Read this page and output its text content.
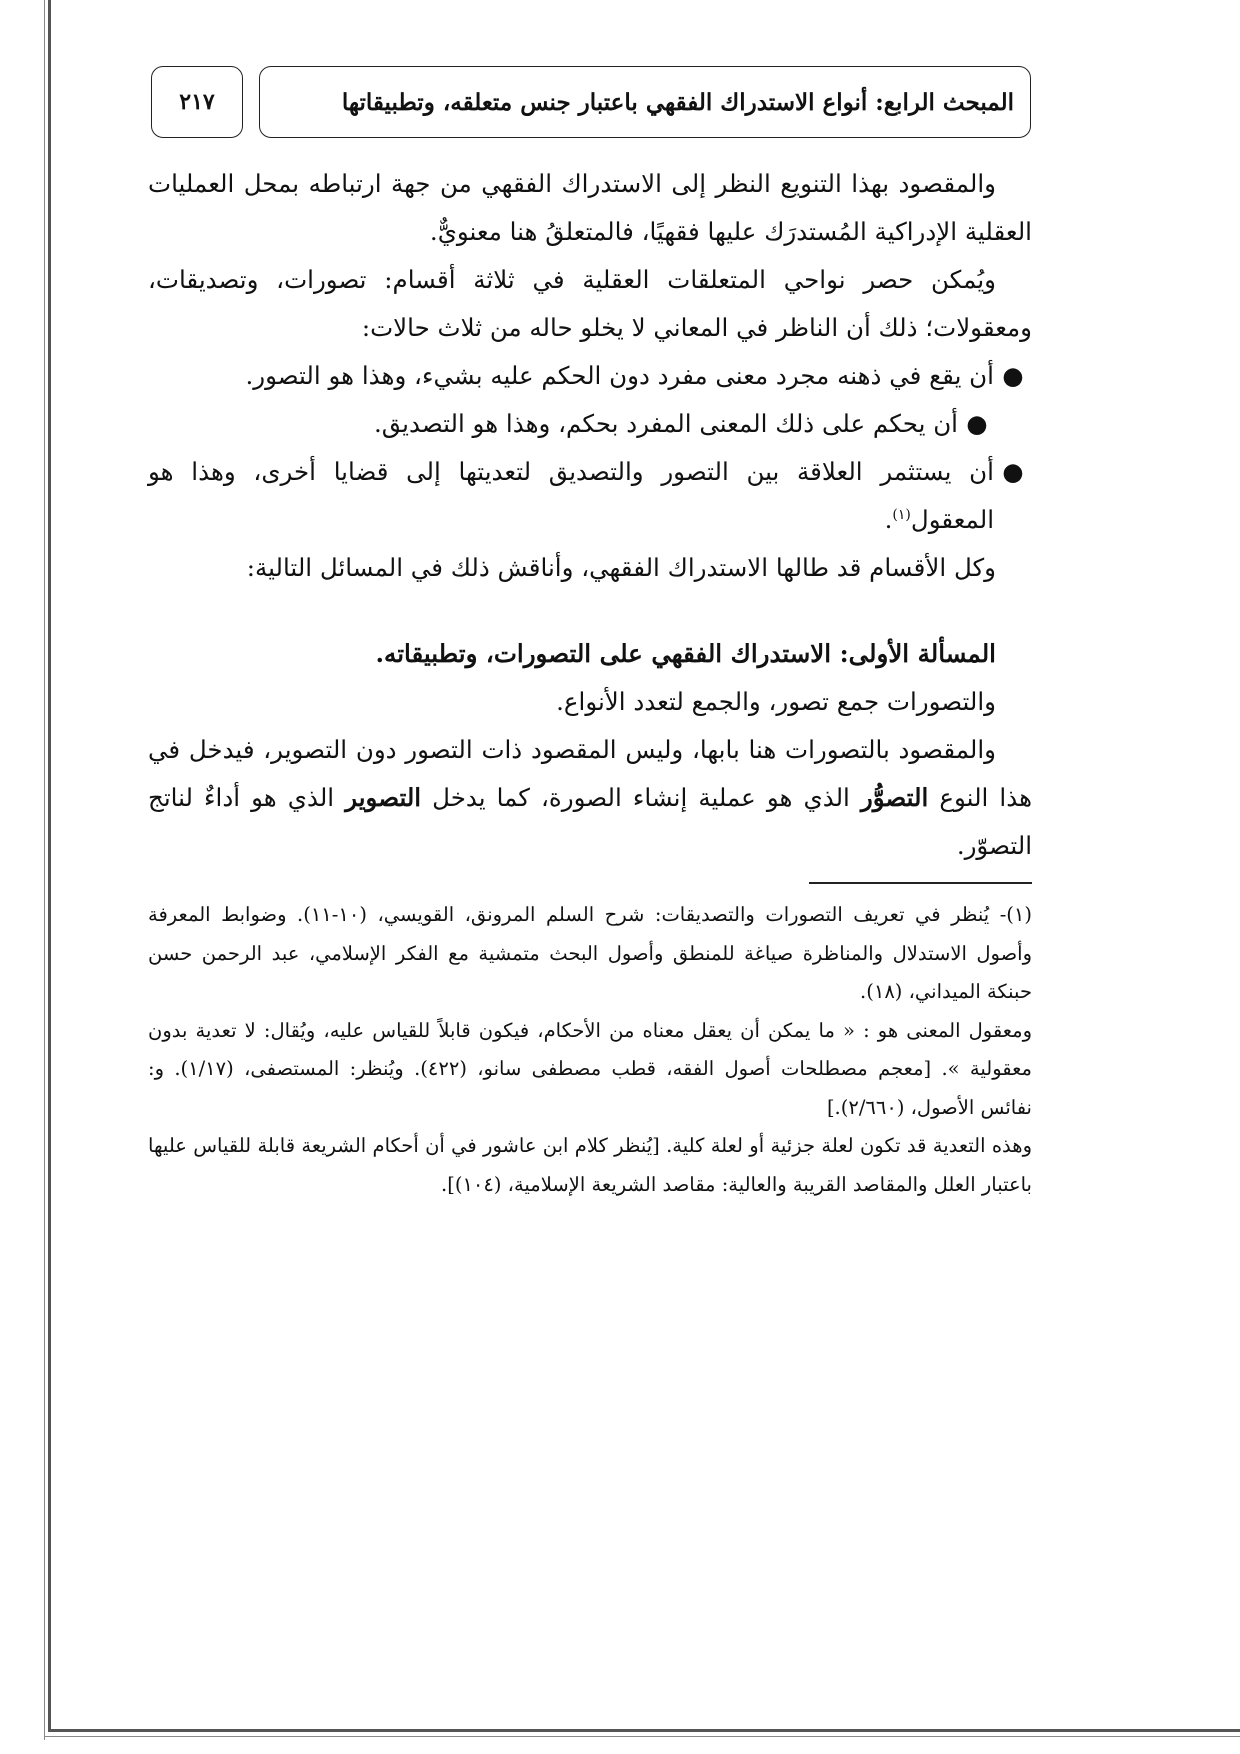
المبحث الرابع: أنواع الاستدراك الفقهي باعتبار جنس متعلقه، وتطبيقاتها
٢١٧

والمقصود بهذا التنويع النظر إلى الاستدراك الفقهي من جهة ارتباطه بمحل العمليات العقلية الإدراكية المُستدرَك عليها فقهيًا، فالمتعلقُ هنا معنويٌّ.

ويُمكن حصر نواحي المتعلقات العقلية في ثلاثة أقسام: تصورات، وتصديقات، ومعقولات؛ ذلك أن الناظر في المعاني لا يخلو حاله من ثلاث حالات:

●
أن يقع في ذهنه مجرد معنى مفرد دون الحكم عليه بشيء، وهذا هو التصور.

●
أن يحكم على ذلك المعنى المفرد بحكم، وهذا هو التصديق.

●
أن يستثمر العلاقة بين التصور والتصديق لتعديتها إلى قضايا أخرى، وهذا هو المعقول$^{(١)}$.

وكل الأقسام قد طالها الاستدراك الفقهي، وأناقش ذلك في المسائل التالية:

المسألة الأولى: الاستدراك الفقهي على التصورات، وتطبيقاته.

والتصورات جمع تصور، والجمع لتعدد الأنواع.

والمقصود بالتصورات هنا بابها، وليس المقصود ذات التصور دون التصوير، فيدخل في هذا النوع التصوُّر الذي هو عملية إنشاء الصورة، كما يدخل التصوير الذي هو أداءٌ لناتج التصوّر.

(١)- يُنظر في تعريف التصورات والتصديقات: شرح السلم المرونق، القويسي، (١٠-١١). وضوابط المعرفة وأصول الاستدلال والمناظرة صياغة للمنطق وأصول البحث متمشية مع الفكر الإسلامي، عبد الرحمن حسن حبنكة الميداني، (١٨).

ومعقول المعنى هو : « ما يمكن أن يعقل معناه من الأحكام، فيكون قابلاً للقياس عليه، ويُقال: لا تعدية بدون معقولية ». [معجم مصطلحات أصول الفقه، قطب مصطفى سانو، (٤٢٢). ويُنظر: المستصفى، (١/١٧). و: نفائس الأصول، (٢/٦٦٠).]

وهذه التعدية قد تكون لعلة جزئية أو لعلة كلية. [يُنظر كلام ابن عاشور في أن أحكام الشريعة قابلة للقياس عليها باعتبار العلل والمقاصد القريبة والعالية: مقاصد الشريعة الإسلامية، (١٠٤)].
